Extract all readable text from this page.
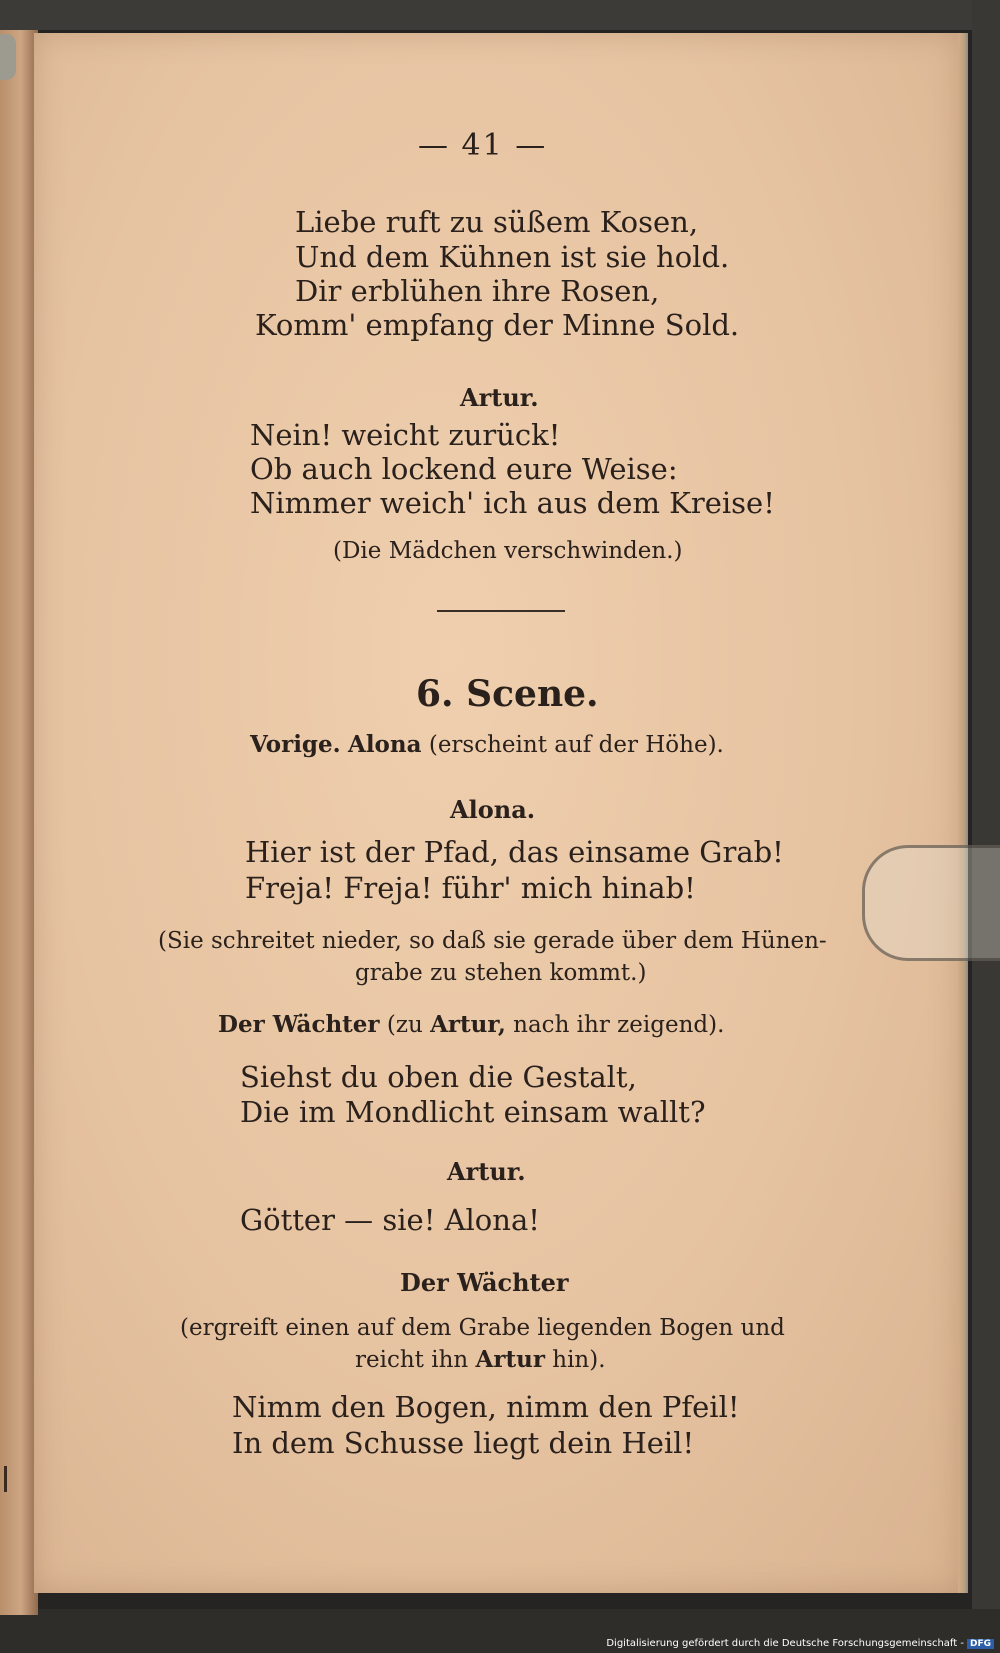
— 41 —

Liebe ruft zu süßem Kosen,

Und dem Kühnen ist sie hold.

Dir erblühen ihre Rosen,

Komm' empfang der Minne Sold.

Artur.

Nein! weicht zurück!

Ob auch lockend eure Weise:

Nimmer weich' ich aus dem Kreise!

(Die Mädchen verschwinden.)

6. Scene.

Vorige. Alona (erscheint auf der Höhe).

Alona.

Hier ist der Pfad, das einsame Grab!

Freja! Freja! führ' mich hinab!

(Sie schreitet nieder, so daß sie gerade über dem Hünen-

grabe zu stehen kommt.)

Der Wächter (zu Artur, nach ihr zeigend).

Siehst du oben die Gestalt,

Die im Mondlicht einsam wallt?

Artur.

Götter — sie! Alona!

Der Wächter

(ergreift einen auf dem Grabe liegenden Bogen und

reicht ihn Artur hin).

Nimm den Bogen, nimm den Pfeil!

In dem Schusse liegt dein Heil!

Digitalisierung gefördert durch die Deutsche Forschungsgemeinschaft - DFG
